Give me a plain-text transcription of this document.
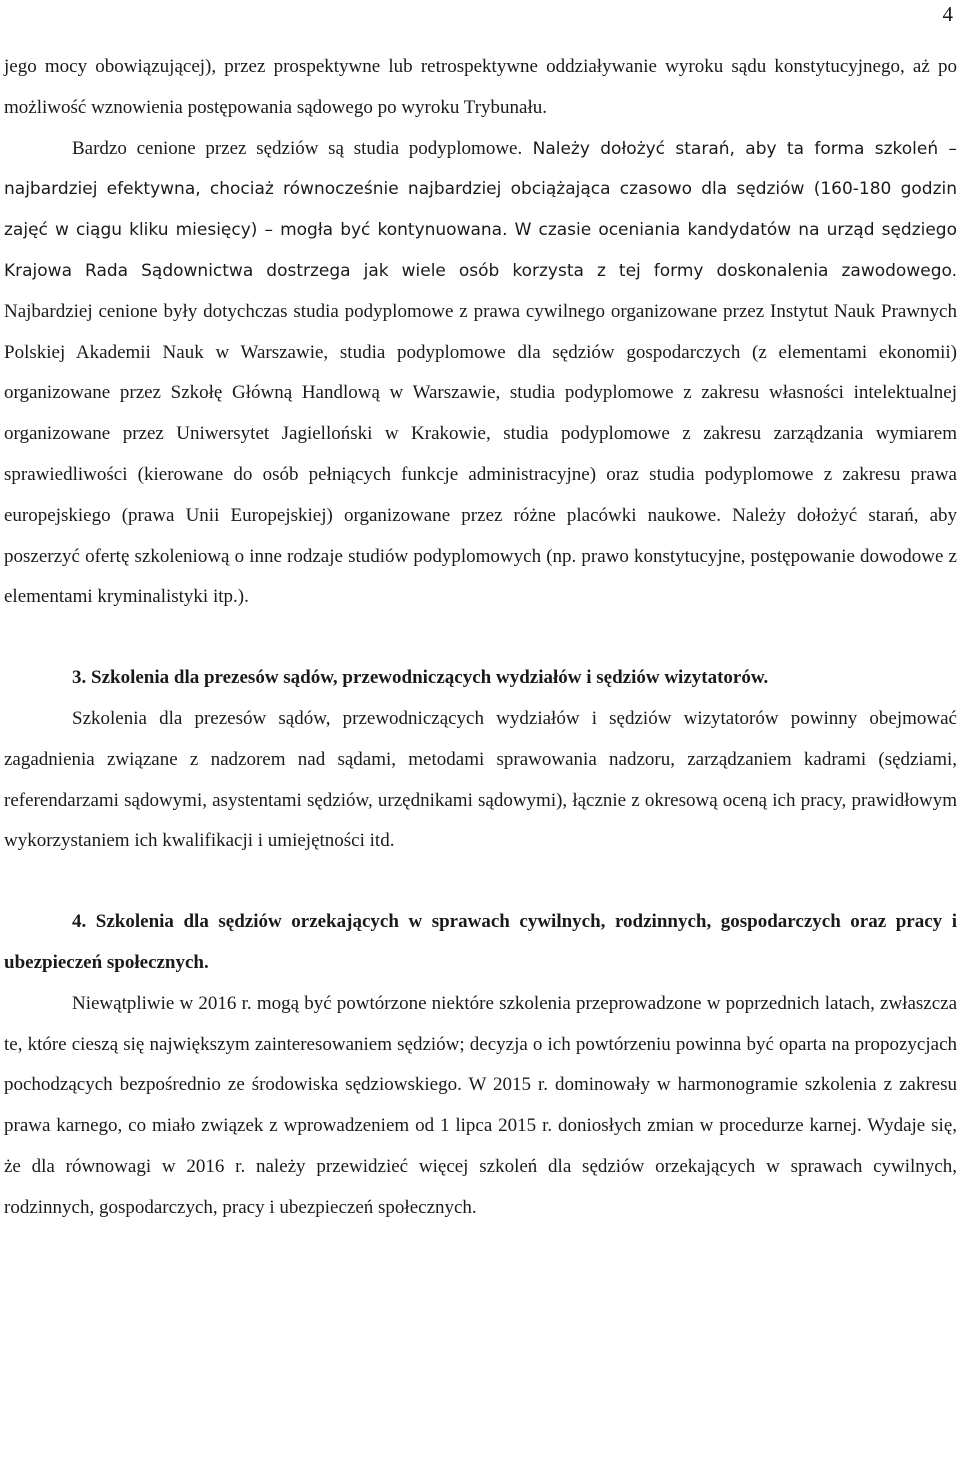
4

jego mocy obowiązującej), przez prospektywne lub retrospektywne oddziaływanie wyroku sądu konstytucyjnego, aż po możliwość wznowienia postępowania sądowego po wyroku Trybunału.

Bardzo cenione przez sędziów są studia podyplomowe. Należy dołożyć starań, aby ta forma szkoleń – najbardziej efektywna, chociaż równocześnie najbardziej obciążająca czasowo dla sędziów (160-180 godzin zajęć w ciągu kliku miesięcy) – mogła być kontynuowana. W czasie oceniania kandydatów na urząd sędziego Krajowa Rada Sądownictwa dostrzega jak wiele osób korzysta z tej formy doskonalenia zawodowego. Najbardziej cenione były dotychczas studia podyplomowe z prawa cywilnego organizowane przez Instytut Nauk Prawnych Polskiej Akademii Nauk w Warszawie, studia podyplomowe dla sędziów gospodarczych (z elementami ekonomii) organizowane przez Szkołę Główną Handlową w Warszawie, studia podyplomowe z zakresu własności intelektualnej organizowane przez Uniwersytet Jagielloński w Krakowie, studia podyplomowe z zakresu zarządzania wymiarem sprawiedliwości (kierowane do osób pełniących funkcje administracyjne) oraz studia podyplomowe z zakresu prawa europejskiego (prawa Unii Europejskiej) organizowane przez różne placówki naukowe. Należy dołożyć starań, aby poszerzyć ofertę szkoleniową o inne rodzaje studiów podyplomowych (np. prawo konstytucyjne, postępowanie dowodowe z elementami kryminalistyki itp.).

3. Szkolenia dla prezesów sądów, przewodniczących wydziałów i sędziów wizytatorów.

Szkolenia dla prezesów sądów, przewodniczących wydziałów i sędziów wizytatorów powinny obejmować zagadnienia związane z nadzorem nad sądami, metodami sprawowania nadzoru, zarządzaniem kadrami (sędziami, referendarzami sądowymi, asystentami sędziów, urzędnikami sądowymi), łącznie z okresową oceną ich pracy, prawidłowym wykorzystaniem ich kwalifikacji i umiejętności itd.

4. Szkolenia dla sędziów orzekających w sprawach cywilnych, rodzinnych, gospodarczych oraz pracy i ubezpieczeń społecznych.

Niewątpliwie w 2016 r. mogą być powtórzone niektóre szkolenia przeprowadzone w poprzednich latach, zwłaszcza te, które cieszą się największym zainteresowaniem sędziów; decyzja o ich powtórzeniu powinna być oparta na propozycjach pochodzących bezpośrednio ze środowiska sędziowskiego. W 2015 r. dominowały w harmonogramie szkolenia z zakresu prawa karnego, co miało związek z wprowadzeniem od 1 lipca 2015 r. doniosłych zmian w procedurze karnej. Wydaje się, że dla równowagi w 2016 r. należy przewidzieć więcej szkoleń dla sędziów orzekających w sprawach cywilnych, rodzinnych, gospodarczych, pracy i ubezpieczeń społecznych.
